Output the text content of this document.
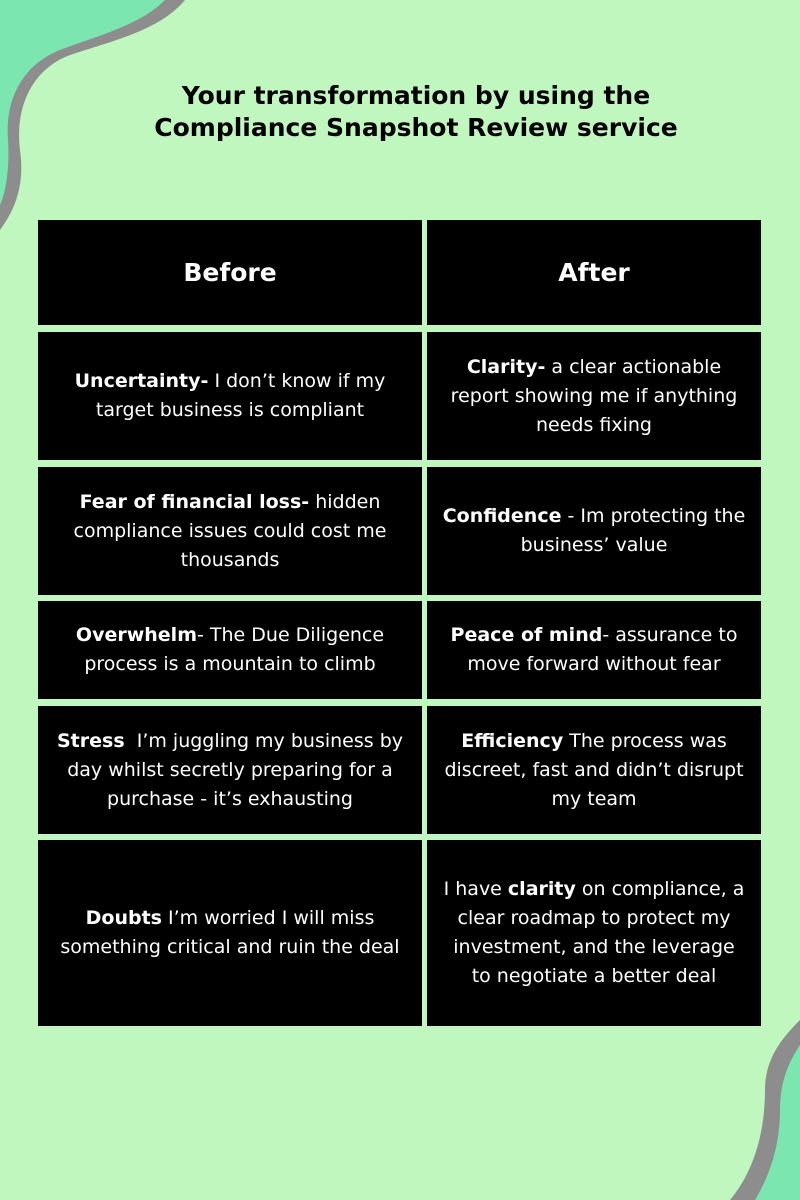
Your transformation by using the
Compliance Snapshot Review service
Before	After
Uncertainty- I don’t know if my target business is compliant
Clarity- a clear actionable report showing me if anything needs fixing
Fear of financial loss- hidden compliance issues could cost me thousands
Confidence - Im protecting the business’ value
Overwhelm- The Due Diligence process is a mountain to climb
Peace of mind- assurance to move forward without fear
Stress  I’m juggling my business by day whilst secretly preparing for a purchase - it’s exhausting
Efficiency The process was discreet, fast and didn’t disrupt my team
Doubts I’m worried I will miss something critical and ruin the deal
I have clarity on compliance, a clear roadmap to protect my investment, and the leverage to negotiate a better deal
